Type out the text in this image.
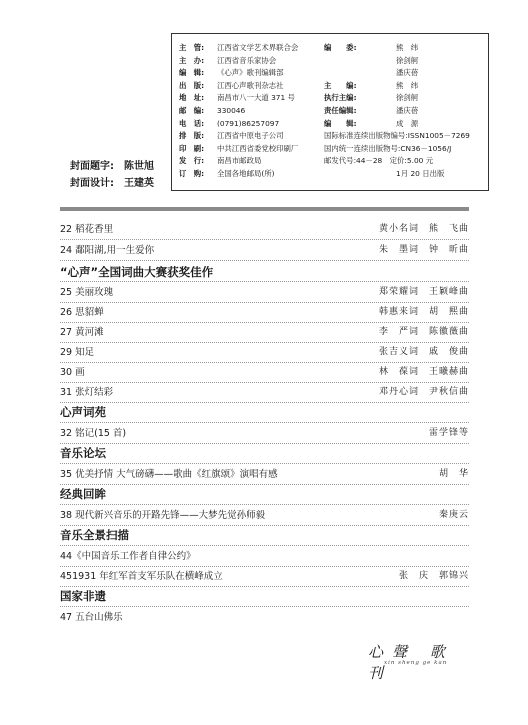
主　管: 江西省文学艺术界联合会	编　　委:	熊　纬
主　办: 江西省音乐家协会	徐剑舸
编　辑: 《心声》歌刊编辑部	潘庆蓓
出　版: 江西心声歌刊杂志社	主　　编:	熊　纬
地　址: 南昌市八一大道 371 号	执行主编:	徐剑舸
邮　编: 330046	责任编辑:	潘庆蓓
电　话: (0791)86257097	编　　辑:	成　源
排　版: 江西省中原电子公司	国际标准连续出版物编号:ISSN1005－7269
印　刷: 中共江西省委党校印刷厂	国内统一连续出版物号:CN36－1056/J
发　行: 南昌市邮政局	邮发代号:44－28　定价:5.00 元
订　购: 全国各地邮局(所)	1月 20 日出版
封面题字: 陈世旭
封面设计: 王建英
22 稻花香里	黄小名词　熊　飞曲
24 鄱阳湖,用一生爱你	朱　墨词　钟　昕曲
“心声”全国词曲大赛获奖佳作
25 美丽玫瑰	郑荣耀词　王颖峰曲
26 思貂蝉	韩惠来词　胡　熙曲
27 黄河滩	李　严词　陈徽薇曲
29 知足	张吉义词　戚　俊曲
30 画	林　葆词　王曦赫曲
31 张灯结彩	邓丹心词　尹秋信曲
心声词苑
32 铭记(15 首)	雷学锋等
音乐论坛
35 优美抒情 大气磅礴——歌曲《红旗颂》演唱有感	胡　华
经典回眸
38 现代新兴音乐的开路先锋——大梦先觉孙师毅	秦庚云
音乐全景扫描
44《中国音乐工作者自律公约》
451931 年红军首支军乐队在横峰成立	张　庆　郭锦兴
国家非遗
47 五台山佛乐
心聲 歌 刊
xin sheng ge kan
